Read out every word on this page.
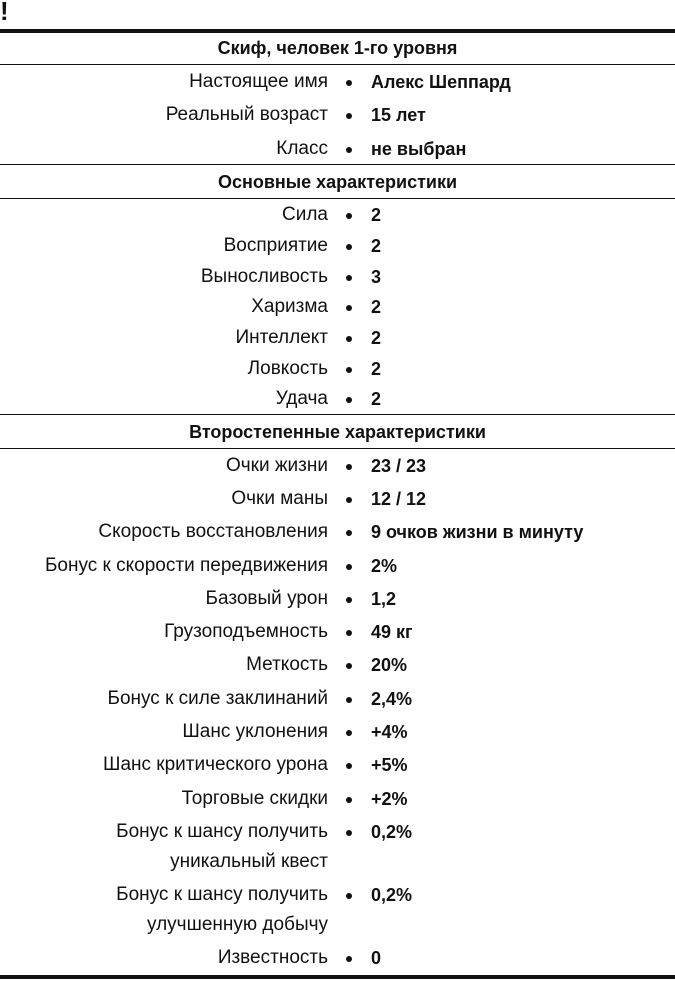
!
Скиф, человек 1-го уровня
Настоящее имя Алекс Шеппард
Реальный возраст 15 лет
Класс не выбран
Основные характеристики
Сила 2
Восприятие 2
Выносливость 3
Харизма 2
Интеллект 2
Ловкость 2
Удача 2
Второстепенные характеристики
Очки жизни 23 / 23
Очки маны 12 / 12
Скорость восстановления 9 очков жизни в минуту
Бонус к скорости передвижения 2%
Базовый урон 1,2
Грузоподъемность 49 кг
Меткость 20%
Бонус к силе заклинаний 2,4%
Шанс уклонения +4%
Шанс критического урона +5%
Торговые скидки +2%
Бонус к шансу получить 0,2%
уникальный квест
Бонус к шансу получить 0,2%
улучшенную добычу
Известность 0
